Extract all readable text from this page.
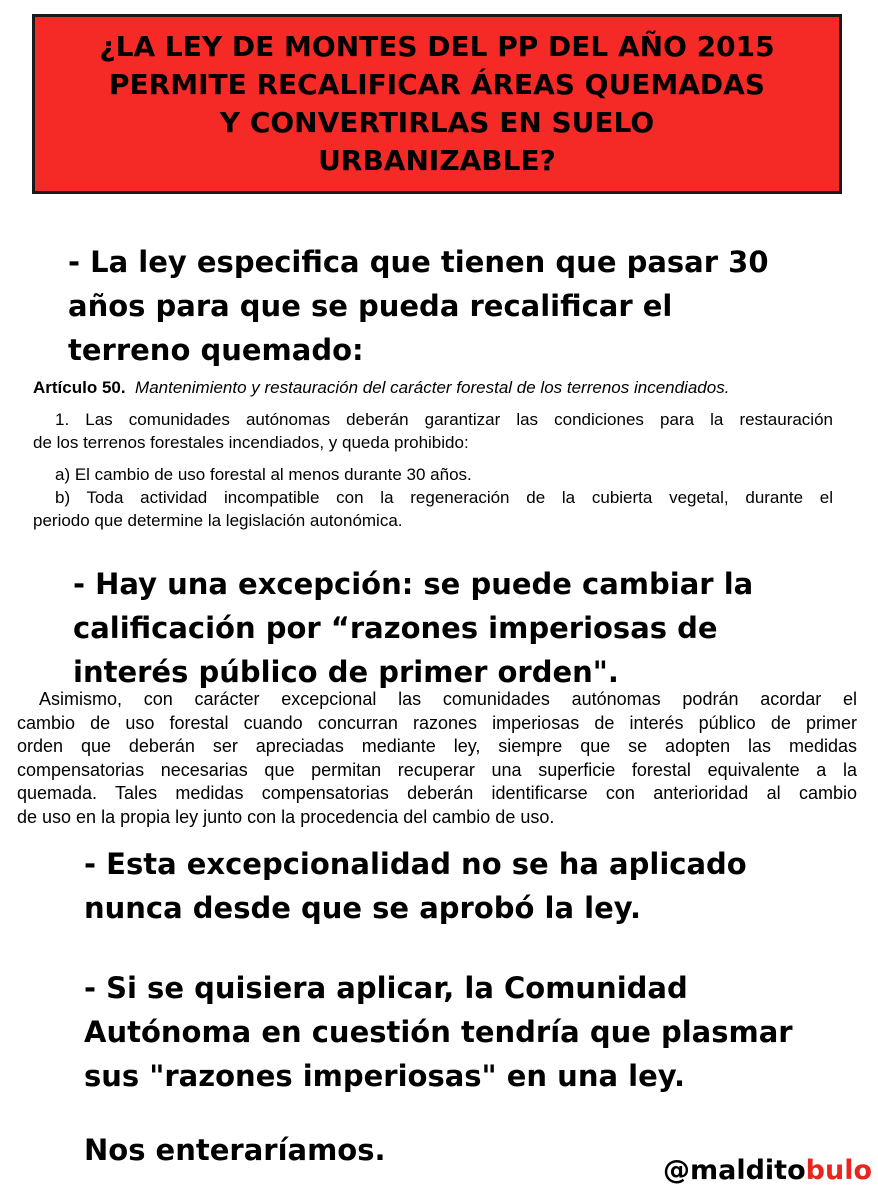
¿LA LEY DE MONTES DEL PP DEL AÑO 2015
PERMITE RECALIFICAR ÁREAS QUEMADAS
Y CONVERTIRLAS EN SUELO
URBANIZABLE?

- La ley especifica que tienen que pasar 30
años para que se pueda recalificar el
terreno quemado:

Artículo 50. Mantenimiento y restauración del carácter forestal de los terrenos incendiados.
1. Las comunidades autónomas deberán garantizar las condiciones para la restauración
de los terrenos forestales incendiados, y queda prohibido:
a) El cambio de uso forestal al menos durante 30 años.
b) Toda actividad incompatible con la regeneración de la cubierta vegetal, durante el
periodo que determine la legislación autonómica.

- Hay una excepción: se puede cambiar la
calificación por “razones imperiosas de
interés público de primer orden".

Asimismo, con carácter excepcional las comunidades autónomas podrán acordar el
cambio de uso forestal cuando concurran razones imperiosas de interés público de primer
orden que deberán ser apreciadas mediante ley, siempre que se adopten las medidas
compensatorias necesarias que permitan recuperar una superficie forestal equivalente a la
quemada. Tales medidas compensatorias deberán identificarse con anterioridad al cambio
de uso en la propia ley junto con la procedencia del cambio de uso.

- Esta excepcionalidad no se ha aplicado
nunca desde que se aprobó la ley.

- Si se quisiera aplicar, la Comunidad
Autónoma en cuestión tendría que plasmar
sus "razones imperiosas" en una ley.

Nos enteraríamos.

@malditobulo
